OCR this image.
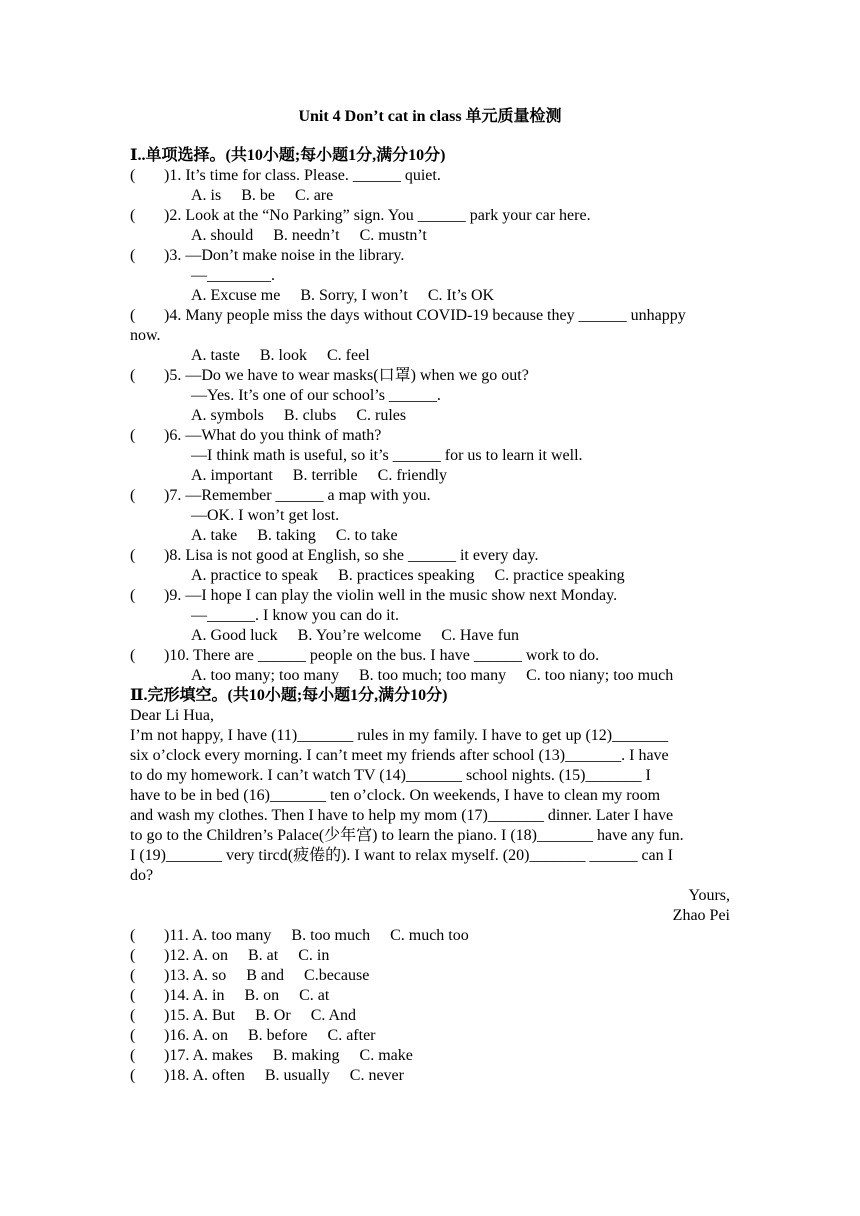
Unit 4 Don’t cat in class 单元质量检测
Ⅰ..单项选择。(共10小题;每小题1分,满分10分)
( )1. It’s time for class. Please. ______ quiet.
A. is B. be C. are
( )2. Look at the “No Parking” sign. You ______ park your car here.
A. should B. needn’t C. mustn’t
( )3. —Don’t make noise in the library.
—________.
A. Excuse me B. Sorry, I won’t C. It’s OK
( )4. Many people miss the days without COVID-19 because they ______ unhappy
now.
A. taste B. look C. feel
( )5. —Do we have to wear masks(口罩) when we go out?
—Yes. It’s one of our school’s ______.
A. symbols B. clubs C. rules
( )6. —What do you think of math?
—I think math is useful, so it’s ______ for us to learn it well.
A. important B. terrible C. friendly
( )7. —Remember ______ a map with you.
—OK. I won’t get lost.
A. take B. taking C. to take
( )8. Lisa is not good at English, so she ______ it every day.
A. practice to speak B. practices speaking C. practice speaking
( )9. —I hope I can play the violin well in the music show next Monday.
—______. I know you can do it.
A. Good luck B. You’re welcome C. Have fun
( )10. There are ______ people on the bus. I have ______ work to do.
A. too many; too many B. too much; too many C. too niany; too much
Ⅱ.完形填空。(共10小题;每小题1分,满分10分)
Dear Li Hua,
I’m not happy, I have (11)_______ rules in my family. I have to get up (12)_______
six o’clock every morning. I can’t meet my friends after school (13)_______. I have
to do my homework. I can’t watch TV (14)_______ school nights. (15)_______ I
have to be in bed (16)_______ ten o’clock. On weekends, I have to clean my room
and wash my clothes. Then I have to help my mom (17)_______ dinner. Later I have
to go to the Children’s Palace(少年宫) to learn the piano. I (18)_______ have any fun.
I (19)_______ very tircd(疲倦的). I want to relax myself. (20)_______ ______ can I
do?
Yours,
Zhao Pei
( )11. A. too many B. too much C. much too
( )12. A. on B. at C. in
( )13. A. so B and C.because
( )14. A. in B. on C. at
( )15. A. But B. Or C. And
( )16. A. on B. before C. after
( )17. A. makes B. making C. make
( )18. A. often B. usually C. never
